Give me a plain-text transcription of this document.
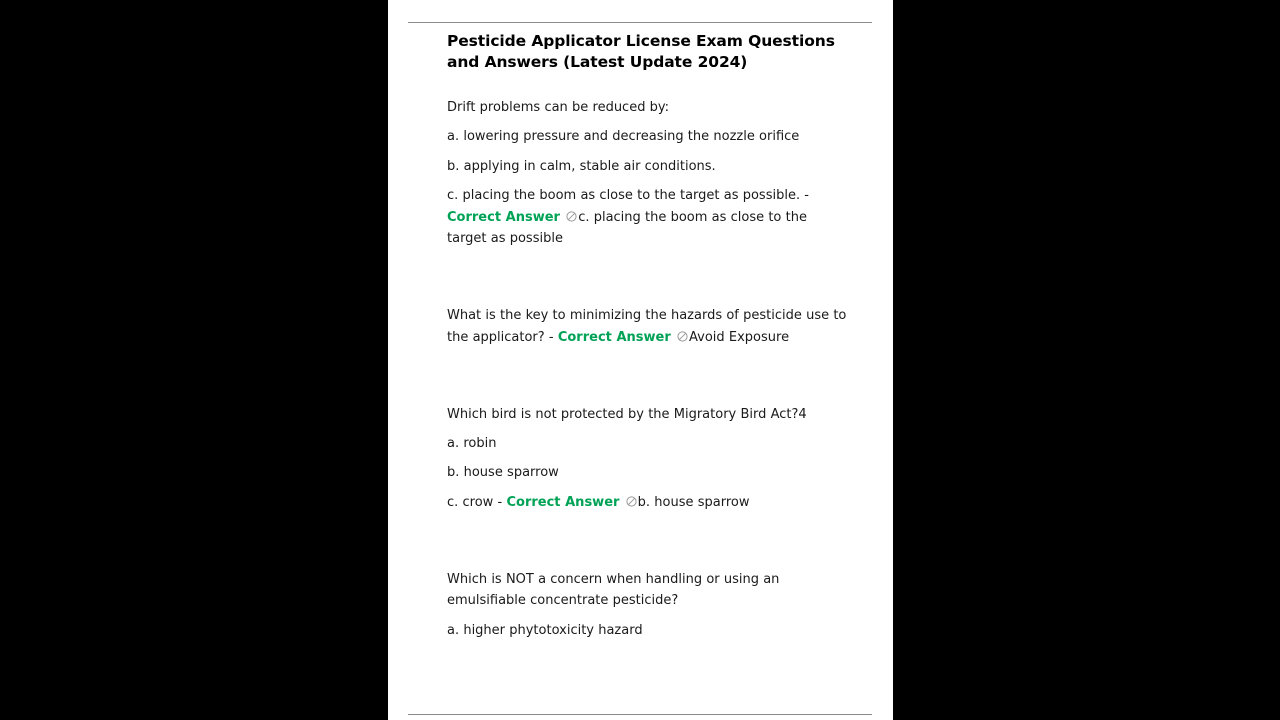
Pesticide Applicator License Exam Questions and Answers (Latest Update 2024)

Drift problems can be reduced by:

a. lowering pressure and decreasing the nozzle orifice

b. applying in calm, stable air conditions.

c. placing the boom as close to the target as possible. -
Correct Answer c. placing the boom as close to the target as possible

What is the key to minimizing the hazards of pesticide use to the applicator? - Correct Answer Avoid Exposure

Which bird is not protected by the Migratory Bird Act?4

a. robin

b. house sparrow

c. crow - Correct Answer b. house sparrow

Which is NOT a concern when handling or using an emulsifiable concentrate pesticide?

a. higher phytotoxicity hazard
